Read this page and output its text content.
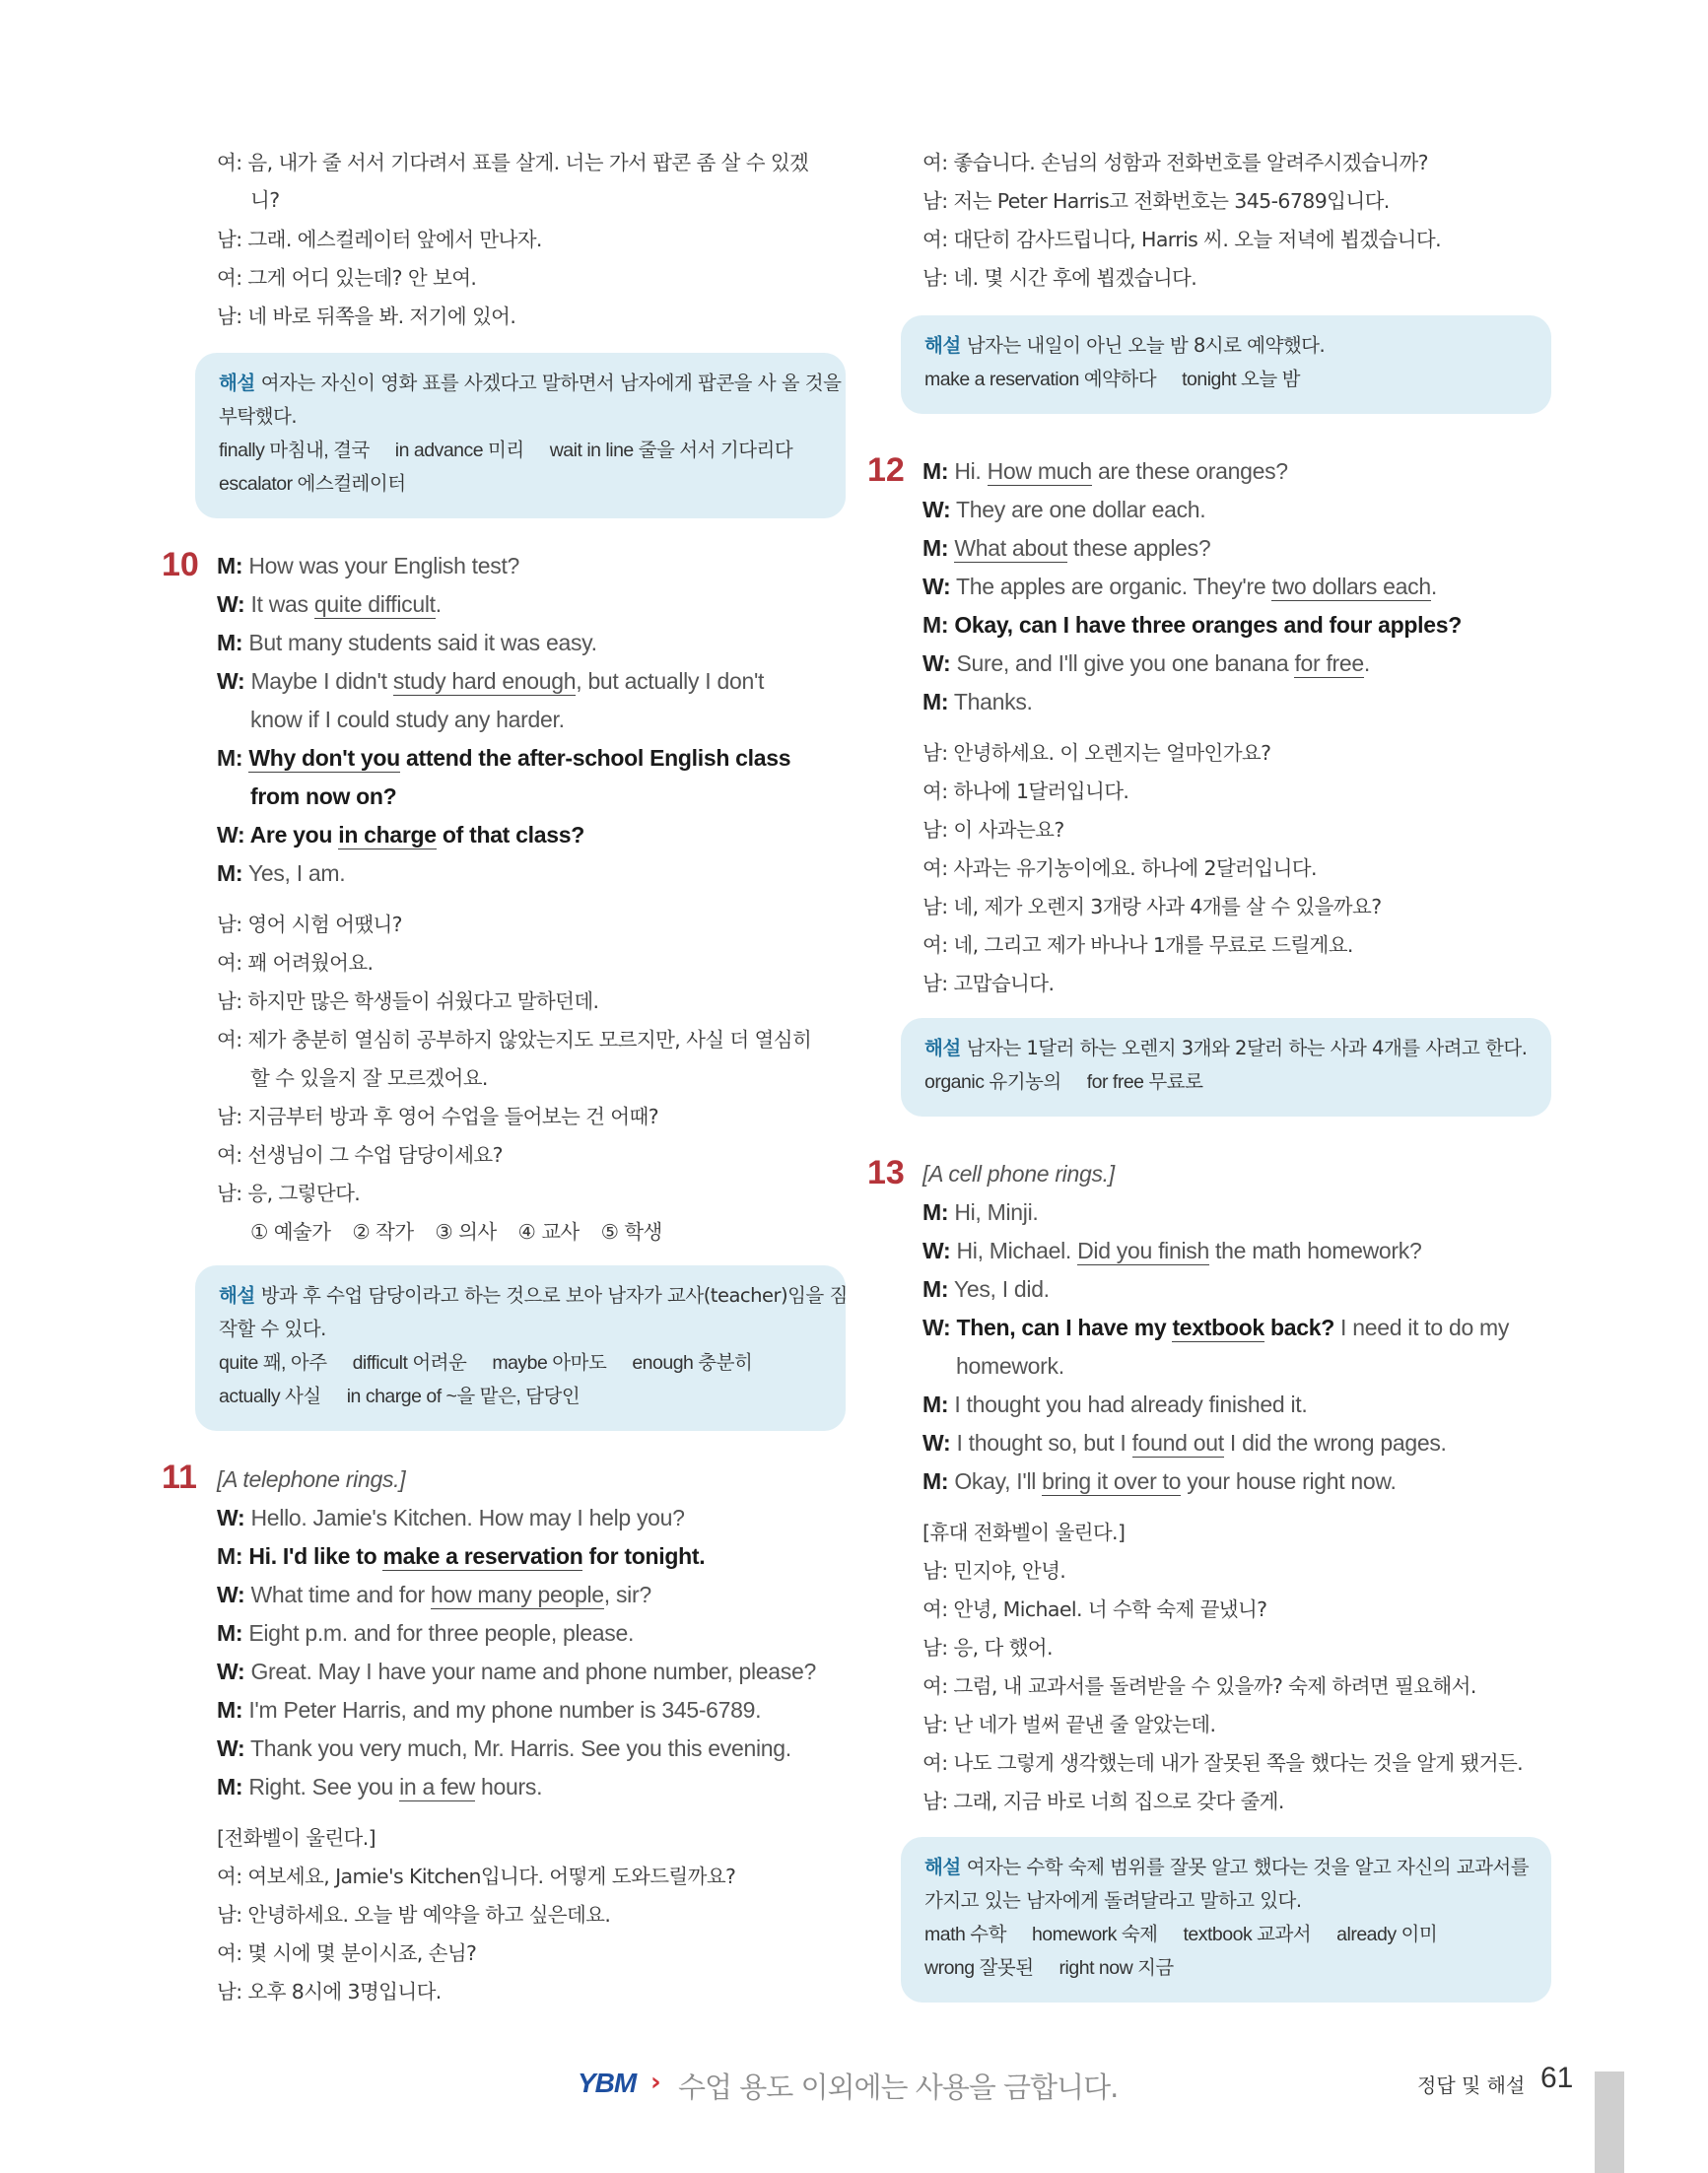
여: 음, 내가 줄 서서 기다려서 표를 살게. 너는 가서 팝콘 좀 살 수 있겠
니?
남: 그래. 에스컬레이터 앞에서 만나자.
여: 그게 어디 있는데? 안 보여.
남: 네 바로 뒤쪽을 봐. 저기에 있어.
해설 여자는 자신이 영화 표를 사겠다고 말하면서 남자에게 팝콘을 사 올 것을
부탁했다.
finally 마침내, 결국 in advance 미리 wait in line 줄을 서서 기다리다
escalator 에스컬레이터
10 M: How was your English test?
W: It was quite difficult.
M: But many students said it was easy.
W: Maybe I didn't study hard enough, but actually I don't
know if I could study any harder.
M: Why don't you attend the after-school English class
from now on?
W: Are you in charge of that class?
M: Yes, I am.
남: 영어 시험 어땠니?
여: 꽤 어려웠어요.
남: 하지만 많은 학생들이 쉬웠다고 말하던데.
여: 제가 충분히 열심히 공부하지 않았는지도 모르지만, 사실 더 열심히
할 수 있을지 잘 모르겠어요.
남: 지금부터 방과 후 영어 수업을 들어보는 건 어때?
여: 선생님이 그 수업 담당이세요?
남: 응, 그렇단다.
① 예술가 ② 작가 ③ 의사 ④ 교사 ⑤ 학생
해설 방과 후 수업 담당이라고 하는 것으로 보아 남자가 교사(teacher)임을 짐
작할 수 있다.
quite 꽤, 아주 difficult 어려운 maybe 아마도 enough 충분히
actually 사실 in charge of ~을 맡은, 담당인
11 [A telephone rings.]
W: Hello. Jamie's Kitchen. How may I help you?
M: Hi. I'd like to make a reservation for tonight.
W: What time and for how many people, sir?
M: Eight p.m. and for three people, please.
W: Great. May I have your name and phone number, please?
M: I'm Peter Harris, and my phone number is 345-6789.
W: Thank you very much, Mr. Harris. See you this evening.
M: Right. See you in a few hours.
[전화벨이 울린다.]
여: 여보세요, Jamie's Kitchen입니다. 어떻게 도와드릴까요?
남: 안녕하세요. 오늘 밤 예약을 하고 싶은데요.
여: 몇 시에 몇 분이시죠, 손님?
남: 오후 8시에 3명입니다.
여: 좋습니다. 손님의 성함과 전화번호를 알려주시겠습니까?
남: 저는 Peter Harris고 전화번호는 345-6789입니다.
여: 대단히 감사드립니다, Harris 씨. 오늘 저녁에 뵙겠습니다.
남: 네. 몇 시간 후에 뵙겠습니다.
해설 남자는 내일이 아닌 오늘 밤 8시로 예약했다.
make a reservation 예약하다 tonight 오늘 밤
12 M: Hi. How much are these oranges?
W: They are one dollar each.
M: What about these apples?
W: The apples are organic. They're two dollars each.
M: Okay, can I have three oranges and four apples?
W: Sure, and I'll give you one banana for free.
M: Thanks.
남: 안녕하세요. 이 오렌지는 얼마인가요?
여: 하나에 1달러입니다.
남: 이 사과는요?
여: 사과는 유기농이에요. 하나에 2달러입니다.
남: 네, 제가 오렌지 3개랑 사과 4개를 살 수 있을까요?
여: 네, 그리고 제가 바나나 1개를 무료로 드릴게요.
남: 고맙습니다.
해설 남자는 1달러 하는 오렌지 3개와 2달러 하는 사과 4개를 사려고 한다.
organic 유기농의 for free 무료로
13 [A cell phone rings.]
M: Hi, Minji.
W: Hi, Michael. Did you finish the math homework?
M: Yes, I did.
W: Then, can I have my textbook back? I need it to do my
homework.
M: I thought you had already finished it.
W: I thought so, but I found out I did the wrong pages.
M: Okay, I'll bring it over to your house right now.
[휴대 전화벨이 울린다.]
남: 민지야, 안녕.
여: 안녕, Michael. 너 수학 숙제 끝냈니?
남: 응, 다 했어.
여: 그럼, 내 교과서를 돌려받을 수 있을까? 숙제 하려면 필요해서.
남: 난 네가 벌써 끝낸 줄 알았는데.
여: 나도 그렇게 생각했는데 내가 잘못된 쪽을 했다는 것을 알게 됐거든.
남: 그래, 지금 바로 너희 집으로 갖다 줄게.
해설 여자는 수학 숙제 범위를 잘못 알고 했다는 것을 알고 자신의 교과서를
가지고 있는 남자에게 돌려달라고 말하고 있다.
math 수학 homework 숙제 textbook 교과서 already 이미
wrong 잘못된 right now 지금
YBM › 수업 용도 이외에는 사용을 금합니다.	정답 및 해설 61
